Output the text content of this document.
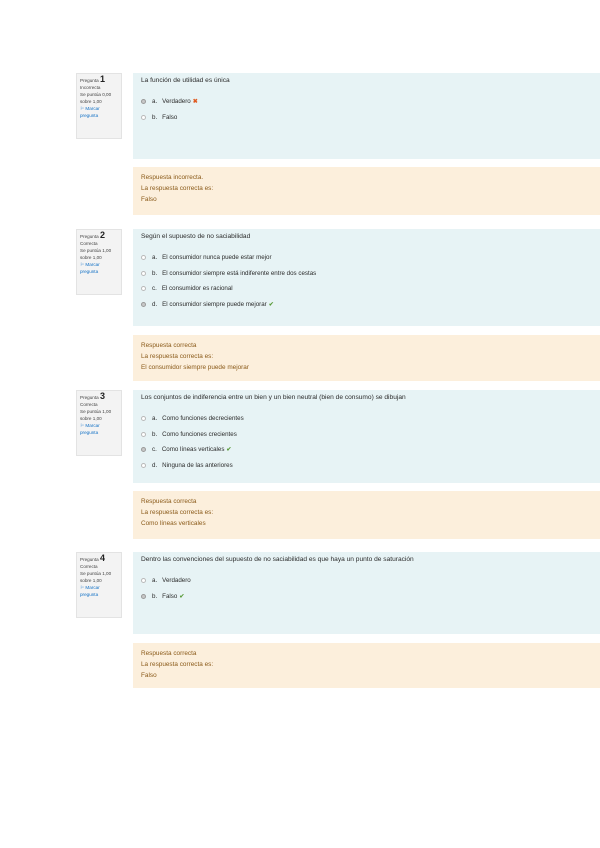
Pregunta 1
Incorrecta
Se puntúa 0,00
sobre 1,00
⚐ Marcar pregunta
La función de utilidad es única
a. Verdadero ✖
b. Falso
Respuesta incorrecta.
La respuesta correcta es:
Falso
Pregunta 2
Correcta
Se puntúa 1,00
sobre 1,00
⚐ Marcar pregunta
Según el supuesto de no saciabilidad
a. El consumidor nunca puede estar mejor
b. El consumidor siempre está indiferente entre dos cestas
c. El consumidor es racional
d. El consumidor siempre puede mejorar ✔
Respuesta correcta
La respuesta correcta es:
El consumidor siempre puede mejorar
Pregunta 3
Correcta
Se puntúa 1,00
sobre 1,00
⚐ Marcar pregunta
Los conjuntos de indiferencia entre un bien y un bien neutral (bien de consumo) se dibujan
a. Como funciones decrecientes
b. Como funciones crecientes
c. Como líneas verticales ✔
d. Ninguna de las anteriores
Respuesta correcta
La respuesta correcta es:
Como líneas verticales
Pregunta 4
Correcta
Se puntúa 1,00
sobre 1,00
⚐ Marcar pregunta
Dentro las convenciones del supuesto de no saciabilidad es que haya un punto de saturación
a. Verdadero
b. Falso ✔
Respuesta correcta
La respuesta correcta es:
Falso
